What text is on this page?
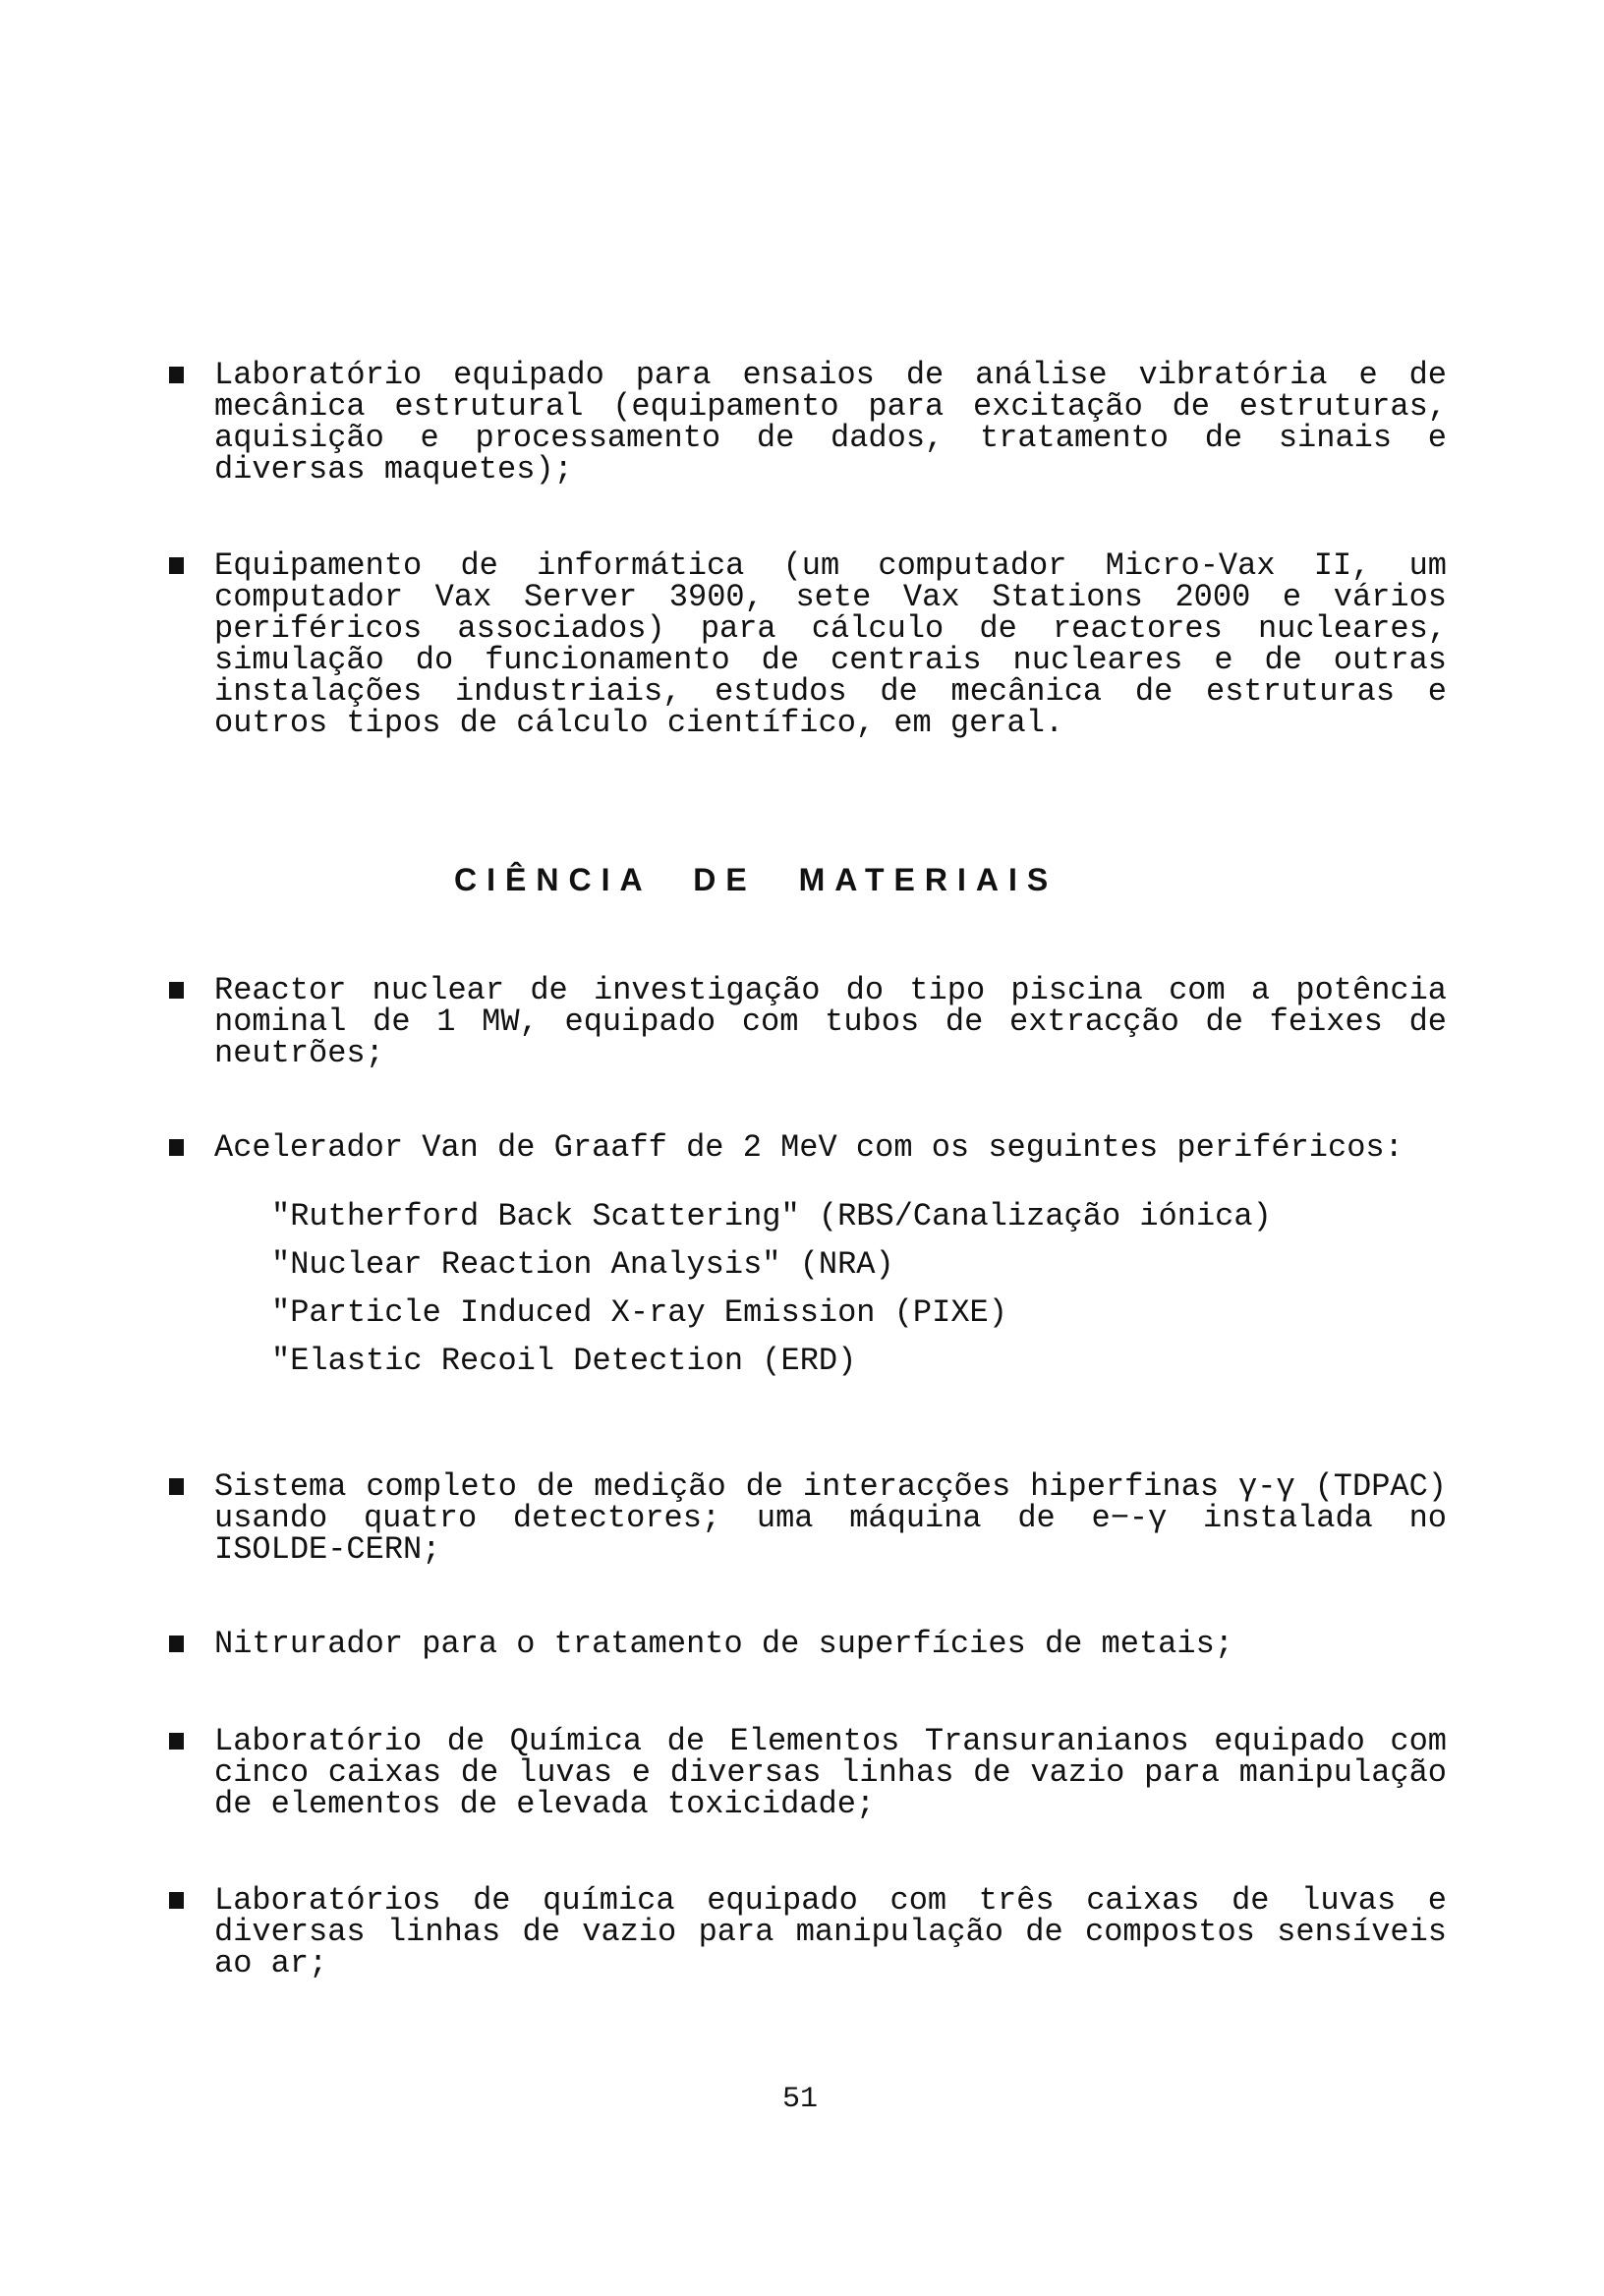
Laboratório equipado para ensaios de análise vibratória e de mecânica estrutural (equipamento para excitação de estruturas, aquisição e processamento de dados, tratamento de sinais e diversas maquetes);
Equipamento de informática (um computador Micro-Vax II, um computador Vax Server 3900, sete Vax Stations 2000 e vários periféricos associados) para cálculo de reactores nucleares, simulação do funcionamento de centrais nucleares e de outras instalações industriais, estudos de mecânica de estruturas e outros tipos de cálculo científico, em geral.
CIÊNCIA DE MATERIAIS
Reactor nuclear de investigação do tipo piscina com a potência nominal de 1 MW, equipado com tubos de extracção de feixes de neutrões;
Acelerador Van de Graaff de 2 MeV com os seguintes periféricos:
"Rutherford Back Scattering" (RBS/Canalização iónica)
"Nuclear Reaction Analysis" (NRA)
"Particle Induced X-ray Emission (PIXE)
"Elastic Recoil Detection (ERD)
Sistema completo de medição de interacções hiperfinas γ-γ (TDPAC) usando quatro detectores; uma máquina de e−-γ instalada no ISOLDE-CERN;
Nitrurador para o tratamento de superfícies de metais;
Laboratório de Química de Elementos Transuranianos equipado com cinco caixas de luvas e diversas linhas de vazio para manipulação de elementos de elevada toxicidade;
Laboratórios de química equipado com três caixas de luvas e diversas linhas de vazio para manipulação de compostos sensíveis ao ar;
51
